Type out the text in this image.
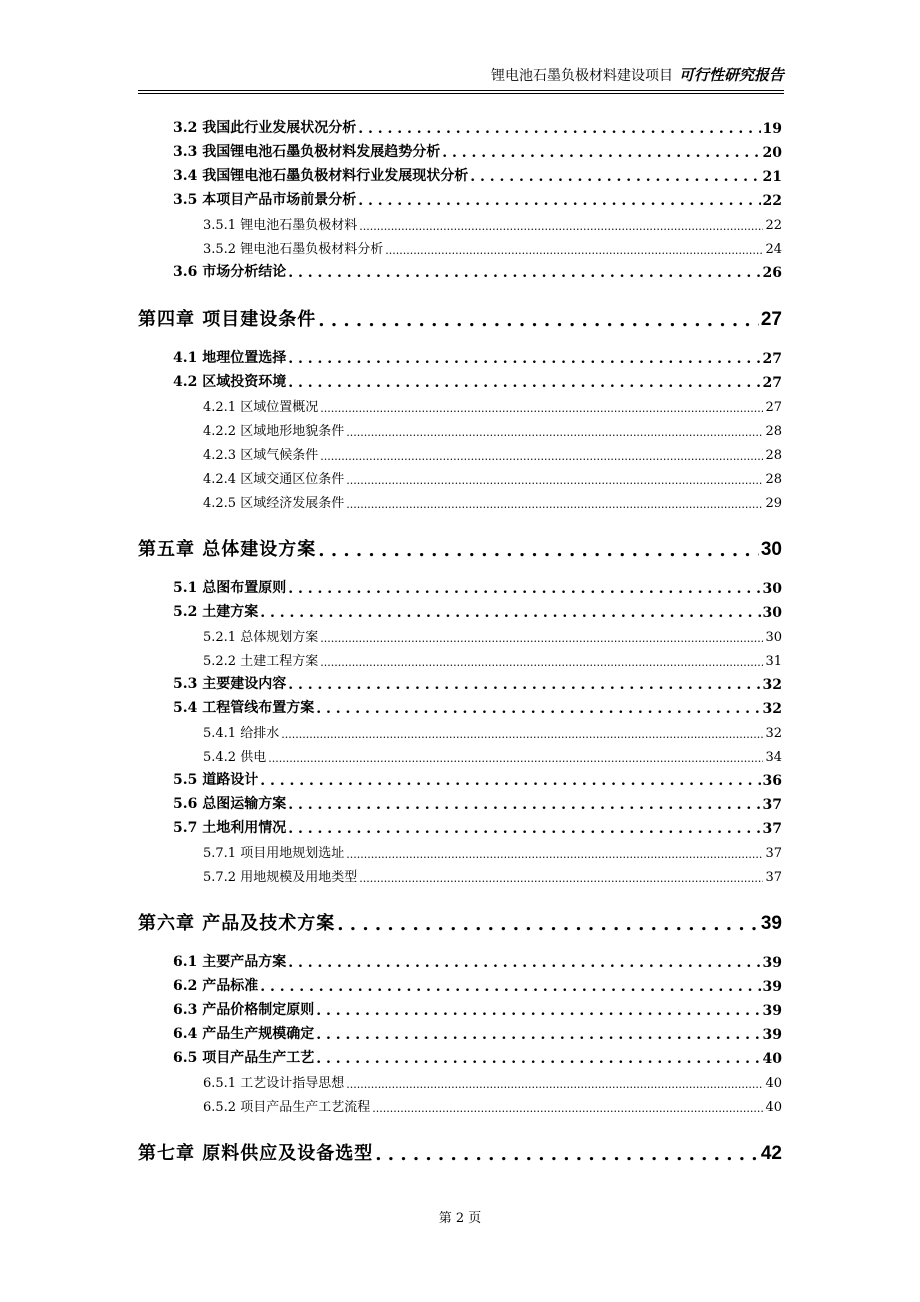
锂电池石墨负极材料建设项目 可行性研究报告
3.2 我国此行业发展状况分析 . . .	19
3.3 我国锂电池石墨负极材料发展趋势分析 . . .	20
3.4 我国锂电池石墨负极材料行业发展现状分析 . . .	21
3.5 本项目产品市场前景分析 . . .	22
3.5.1 锂电池石墨负极材料 .....	22
3.5.2 锂电池石墨负极材料分析 .....	24
3.6 市场分析结论 . . .	26
第四章 项目建设条件 . . .	27
4.1 地理位置选择 . . .	27
4.2 区域投资环境 . . .	27
4.2.1 区域位置概况 .....	27
4.2.2 区域地形地貌条件 .....	28
4.2.3 区域气候条件 .....	28
4.2.4 区域交通区位条件 .....	28
4.2.5 区域经济发展条件 .....	29
第五章 总体建设方案 . . .	30
5.1 总图布置原则 . . .	30
5.2 土建方案 . . .	30
5.2.1 总体规划方案 .....	30
5.2.2 土建工程方案 .....	31
5.3 主要建设内容 . . .	32
5.4 工程管线布置方案 . . .	32
5.4.1 给排水 .....	32
5.4.2 供电 .....	34
5.5 道路设计 . . .	36
5.6 总图运输方案 . . .	37
5.7 土地利用情况 . . .	37
5.7.1 项目用地规划选址 .....	37
5.7.2 用地规模及用地类型 .....	37
第六章 产品及技术方案 . . .	39
6.1 主要产品方案 . . .	39
6.2 产品标准 . . .	39
6.3 产品价格制定原则 . . .	39
6.4 产品生产规模确定 . . .	39
6.5 项目产品生产工艺 . . .	40
6.5.1 工艺设计指导思想 .....	40
6.5.2 项目产品生产工艺流程 .....	40
第七章 原料供应及设备选型 . . .	42
第 2 页
